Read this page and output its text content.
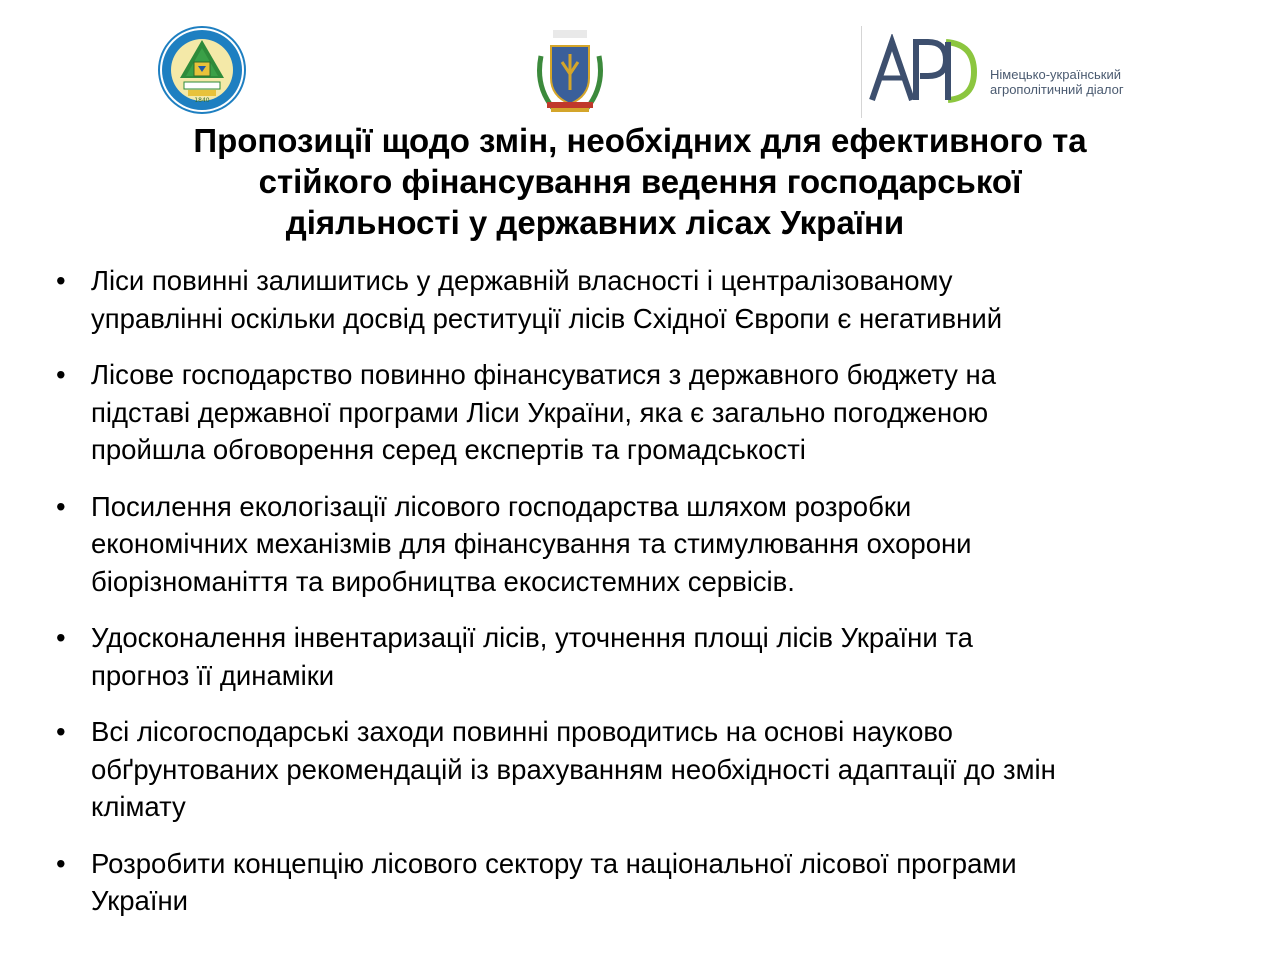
1840
Німецько-український
агрополітичний діалог
Пропозиції щодо змін, необхідних для ефективного та
стійкого фінансування ведення господарської
діяльності у державних лісах України
• Ліси повинні залишитись у державній власності і централізованому
управлінні оскільки досвід реституції лісів Східної Європи є негативний
• Лісове господарство повинно фінансуватися з державного бюджету на
підставі державної програми Ліси України, яка є загально погодженою
пройшла обговорення серед експертів та громадськості
• Посилення екологізації лісового господарства шляхом розробки
економічних механізмів для фінансування та стимулювання охорони
біорізноманіття та виробництва екосистемних сервісів.
• Удосконалення інвентаризації лісів, уточнення площі лісів України та
прогноз її динаміки
• Всі лісогосподарські заходи повинні проводитись на основі науково
обґрунтованих рекомендацій із врахуванням необхідності адаптації до змін
клімату
• Розробити концепцію лісового сектору та національної лісової програми
України
